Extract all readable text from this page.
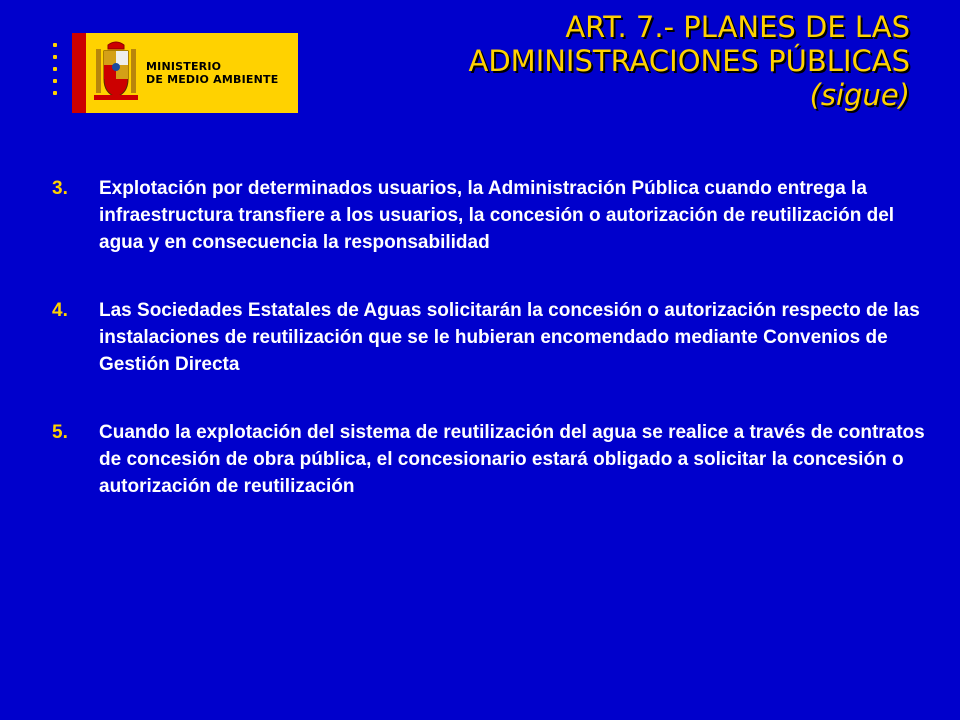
MINISTERIO
DE MEDIO AMBIENTE
ART. 7.- PLANES DE LAS
ADMINISTRACIONES PÚBLICAS
(sigue)
3.	Explotación por determinados usuarios, la Administración Pública cuando entrega la infraestructura transfiere a los usuarios, la concesión o autorización de reutilización del agua y en consecuencia la responsabilidad
4.	Las Sociedades Estatales de Aguas solicitarán la concesión o autorización respecto de las instalaciones de reutilización que se le hubieran encomendado mediante Convenios de Gestión Directa
5.	Cuando la explotación del sistema de reutilización del agua se realice a través de contratos de concesión de obra pública, el concesionario estará obligado a solicitar la concesión o autorización de reutilización
